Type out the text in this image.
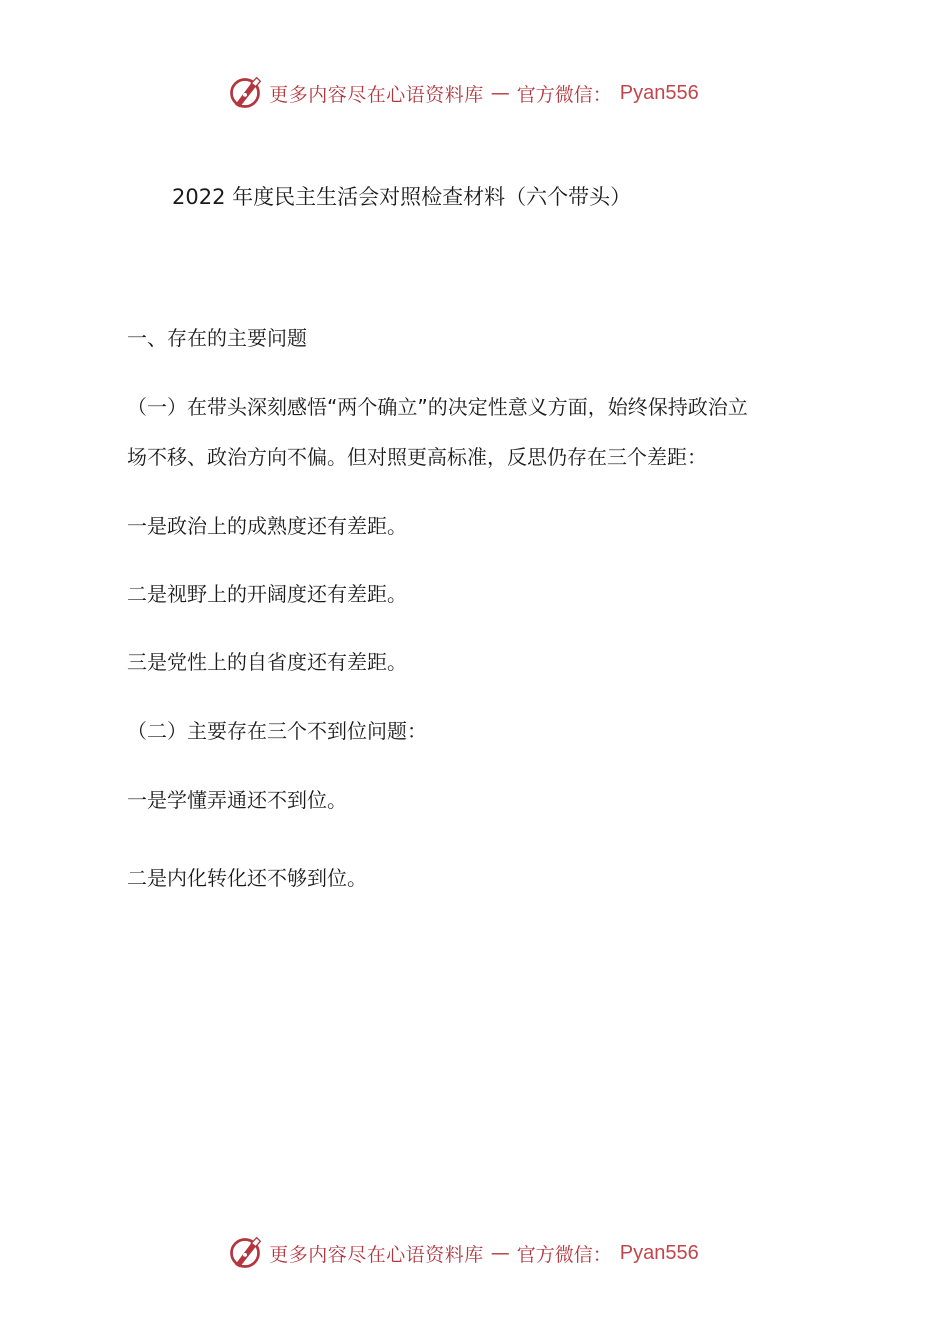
更多内容尽在心语资料库 — 官方微信： Pyan556
2022 年度民主生活会对照检查材料（六个带头）
一、存在的主要问题
（一）在带头深刻感悟“两个确立”的决定性意义方面，始终保持政治立
场不移、政治方向不偏。但对照更高标准，反思仍存在三个差距：
一是政治上的成熟度还有差距。
二是视野上的开阔度还有差距。
三是党性上的自省度还有差距。
（二）主要存在三个不到位问题：
一是学懂弄通还不到位。
二是内化转化还不够到位。
更多内容尽在心语资料库 — 官方微信： Pyan556
